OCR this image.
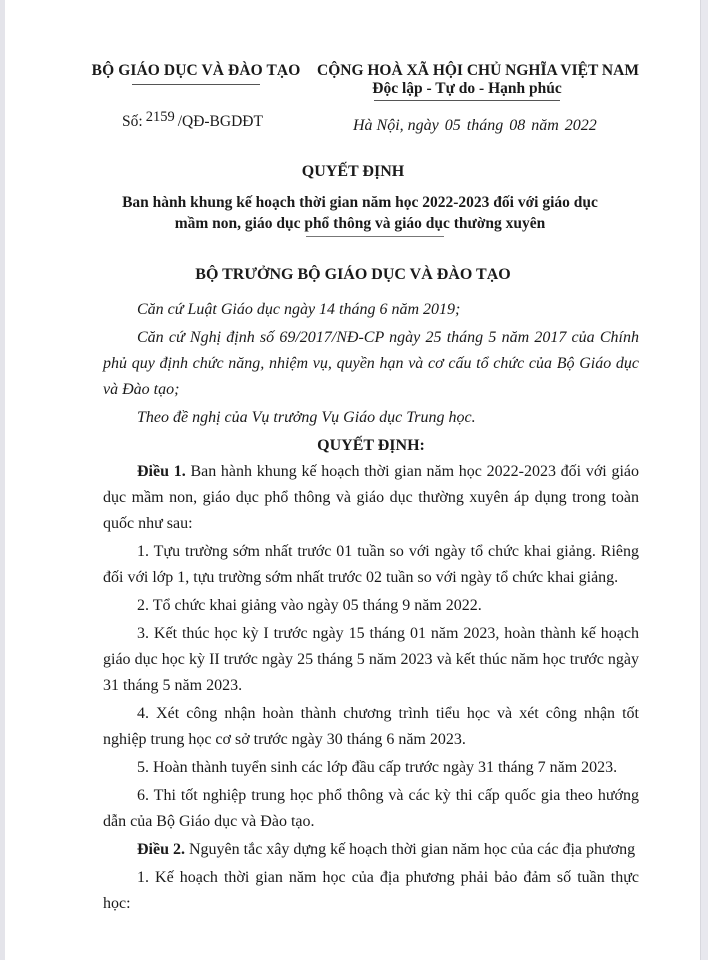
BỘ GIÁO DỤC VÀ ĐÀO TẠO CỘNG HOÀ XÃ HỘI CHỦ NGHĨA VIỆT NAM
Độc lập - Tự do - Hạnh phúc
Số: 2159 /QĐ-BGDĐT	Hà Nội, ngày 05 tháng 08 năm 2022
QUYẾT ĐỊNH
Ban hành khung kế hoạch thời gian năm học 2022-2023 đối với giáo dục
mầm non, giáo dục phổ thông và giáo dục thường xuyên
BỘ TRƯỞNG BỘ GIÁO DỤC VÀ ĐÀO TẠO

Căn cứ Luật Giáo dục ngày 14 tháng 6 năm 2019;

Căn cứ Nghị định số 69/2017/NĐ-CP ngày 25 tháng 5 năm 2017 của Chính phủ quy định chức năng, nhiệm vụ, quyền hạn và cơ cấu tổ chức của Bộ Giáo dục và Đào tạo;

Theo đề nghị của Vụ trưởng Vụ Giáo dục Trung học.

QUYẾT ĐỊNH:

Điều 1. Ban hành khung kế hoạch thời gian năm học 2022-2023 đối với giáo dục mầm non, giáo dục phổ thông và giáo dục thường xuyên áp dụng trong toàn quốc như sau:

1. Tựu trường sớm nhất trước 01 tuần so với ngày tổ chức khai giảng. Riêng đối với lớp 1, tựu trường sớm nhất trước 02 tuần so với ngày tổ chức khai giảng.

2. Tổ chức khai giảng vào ngày 05 tháng 9 năm 2022.

3. Kết thúc học kỳ I trước ngày 15 tháng 01 năm 2023, hoàn thành kế hoạch giáo dục học kỳ II trước ngày 25 tháng 5 năm 2023 và kết thúc năm học trước ngày 31 tháng 5 năm 2023.

4. Xét công nhận hoàn thành chương trình tiểu học và xét công nhận tốt nghiệp trung học cơ sở trước ngày 30 tháng 6 năm 2023.

5. Hoàn thành tuyển sinh các lớp đầu cấp trước ngày 31 tháng 7 năm 2023.

6. Thi tốt nghiệp trung học phổ thông và các kỳ thi cấp quốc gia theo hướng dẫn của Bộ Giáo dục và Đào tạo.

Điều 2. Nguyên tắc xây dựng kế hoạch thời gian năm học của các địa phương

1. Kế hoạch thời gian năm học của địa phương phải bảo đảm số tuần thực học:
